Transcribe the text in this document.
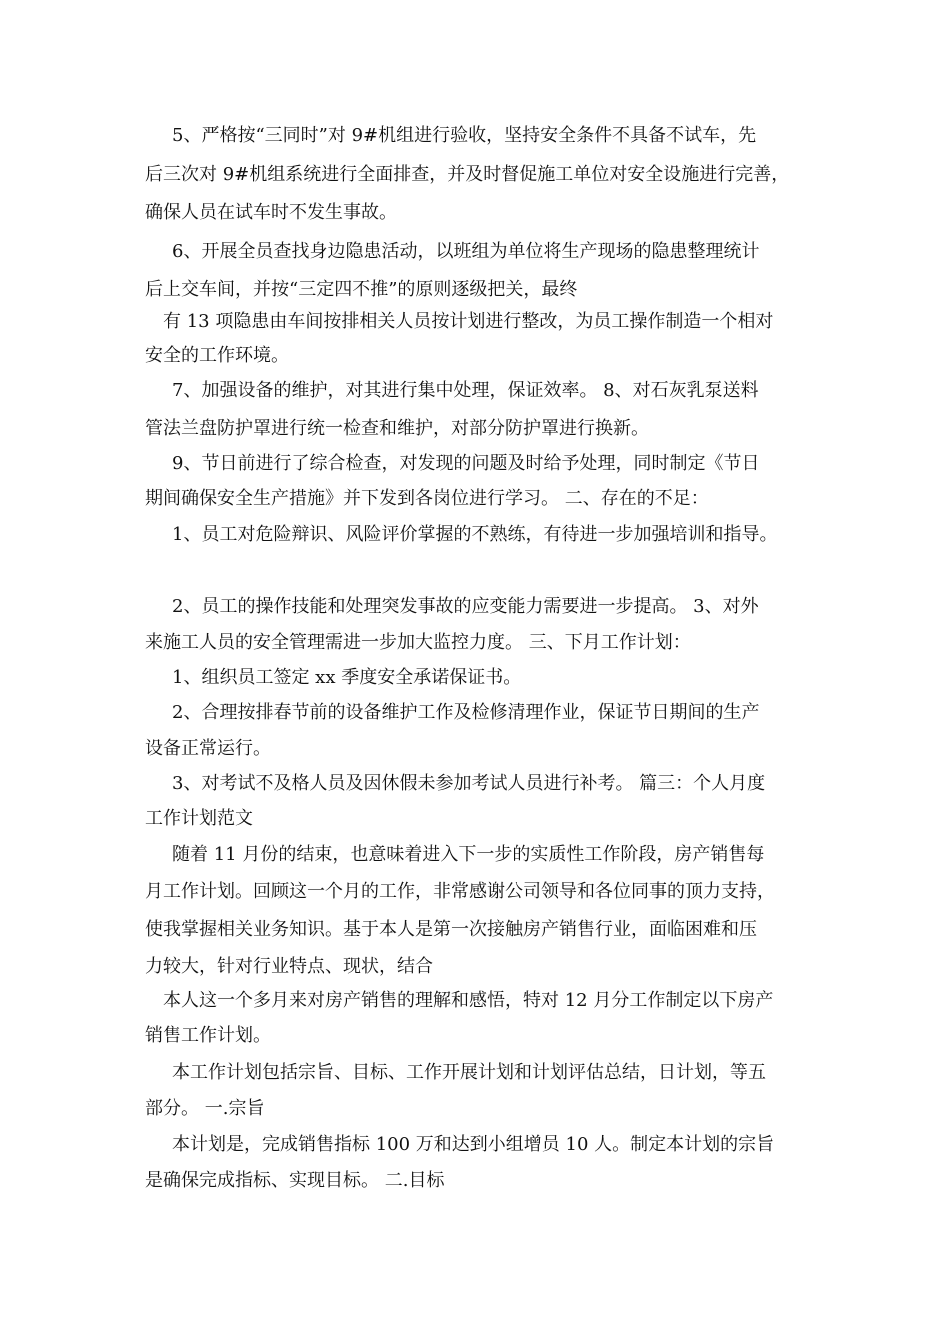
5、严格按“三同时”对 9#机组进行验收，坚持安全条件不具备不试车，先
后三次对 9#机组系统进行全面排查，并及时督促施工单位对安全设施进行完善，
确保人员在试车时不发生事故。
6、开展全员查找身边隐患活动，以班组为单位将生产现场的隐患整理统计
后上交车间，并按“三定四不推”的原则逐级把关，最终
有 13 项隐患由车间按排相关人员按计划进行整改，为员工操作制造一个相对
安全的工作环境。
7、加强设备的维护，对其进行集中处理，保证效率。 8、对石灰乳泵送料
管法兰盘防护罩进行统一检查和维护，对部分防护罩进行换新。
9、节日前进行了综合检查，对发现的问题及时给予处理，同时制定《节日
期间确保安全生产措施》并下发到各岗位进行学习。 二、存在的不足：
1、员工对危险辩识、风险评价掌握的不熟练，有待进一步加强培训和指导。
2、员工的操作技能和处理突发事故的应变能力需要进一步提高。 3、对外
来施工人员的安全管理需进一步加大监控力度。 三、下月工作计划：
1、组织员工签定 xx 季度安全承诺保证书。
2、合理按排春节前的设备维护工作及检修清理作业，保证节日期间的生产
设备正常运行。
3、对考试不及格人员及因休假未参加考试人员进行补考。 篇三：个人月度
工作计划范文
随着 11 月份的结束，也意味着进入下一步的实质性工作阶段，房产销售每
月工作计划。回顾这一个月的工作，非常感谢公司领导和各位同事的顶力支持，
使我掌握相关业务知识。基于本人是第一次接触房产销售行业，面临困难和压
力较大，针对行业特点、现状，结合
本人这一个多月来对房产销售的理解和感悟，特对 12 月分工作制定以下房产
销售工作计划。
本工作计划包括宗旨、目标、工作开展计划和计划评估总结，日计划，等五
部分。 一.宗旨
本计划是，完成销售指标 100 万和达到小组增员 10 人。制定本计划的宗旨
是确保完成指标、实现目标。 二.目标
